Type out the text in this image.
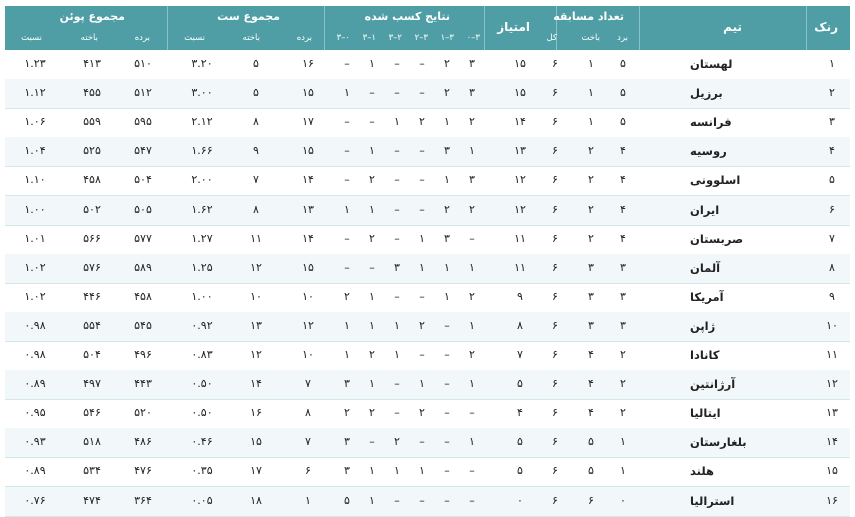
رنک
تیم
تعداد مسابقه
برد
باخت
کل
امتیاز
نتایج کسب شده
۳–۰
۳–۱
۳–۲
۲–۳
۱–۳
۰–۳
مجموع ست
برده
باخته
نسبت
مجموع پوئن
برده
باخته
نسبت
۱
لهستان
۵
۱
۶
۱۵
۳
۲
–
–
۱
–
۱۶
۵
۳.۲۰
۵۱۰
۴۱۳
۱.۲۳
۲
برزیل
۵
۱
۶
۱۵
۳
۲
–
–
–
۱
۱۵
۵
۳.۰۰
۵۱۲
۴۵۵
۱.۱۲
۳
فرانسه
۵
۱
۶
۱۴
۲
۱
۲
۱
–
–
۱۷
۸
۲.۱۲
۵۹۵
۵۵۹
۱.۰۶
۴
روسیه
۴
۲
۶
۱۳
۱
۳
–
–
۱
–
۱۵
۹
۱.۶۶
۵۴۷
۵۲۵
۱.۰۴
۵
اسلوونی
۴
۲
۶
۱۲
۳
۱
–
–
۲
–
۱۴
۷
۲.۰۰
۵۰۴
۴۵۸
۱.۱۰
۶
ایران
۴
۲
۶
۱۲
۲
۲
–
–
۱
۱
۱۳
۸
۱.۶۲
۵۰۵
۵۰۲
۱.۰۰
۷
صربستان
۴
۲
۶
۱۱
–
۳
۱
–
۲
–
۱۴
۱۱
۱.۲۷
۵۷۷
۵۶۶
۱.۰۱
۸
آلمان
۳
۳
۶
۱۱
۱
۱
۱
۳
–
–
۱۵
۱۲
۱.۲۵
۵۸۹
۵۷۶
۱.۰۲
۹
آمریکا
۳
۳
۶
۹
۲
۱
–
–
۱
۲
۱۰
۱۰
۱.۰۰
۴۵۸
۴۴۶
۱.۰۲
۱۰
ژاپن
۳
۳
۶
۸
۱
–
۲
۱
۱
۱
۱۲
۱۳
۰.۹۲
۵۴۵
۵۵۴
۰.۹۸
۱۱
کانادا
۲
۴
۶
۷
۲
–
–
۱
۲
۱
۱۰
۱۲
۰.۸۳
۴۹۶
۵۰۴
۰.۹۸
۱۲
آرژانتین
۲
۴
۶
۵
۱
–
۱
–
۱
۳
۷
۱۴
۰.۵۰
۴۴۳
۴۹۷
۰.۸۹
۱۳
ایتالیا
۲
۴
۶
۴
–
–
۲
–
۲
۲
۸
۱۶
۰.۵۰
۵۲۰
۵۴۶
۰.۹۵
۱۴
بلغارستان
۱
۵
۶
۵
۱
–
–
۲
–
۳
۷
۱۵
۰.۴۶
۴۸۶
۵۱۸
۰.۹۳
۱۵
هلند
۱
۵
۶
۵
–
–
۱
۱
۱
۳
۶
۱۷
۰.۳۵
۴۷۶
۵۳۴
۰.۸۹
۱۶
استرالیا
۰
۶
۶
۰
–
–
–
–
۱
۵
۱
۱۸
۰.۰۵
۳۶۴
۴۷۴
۰.۷۶
